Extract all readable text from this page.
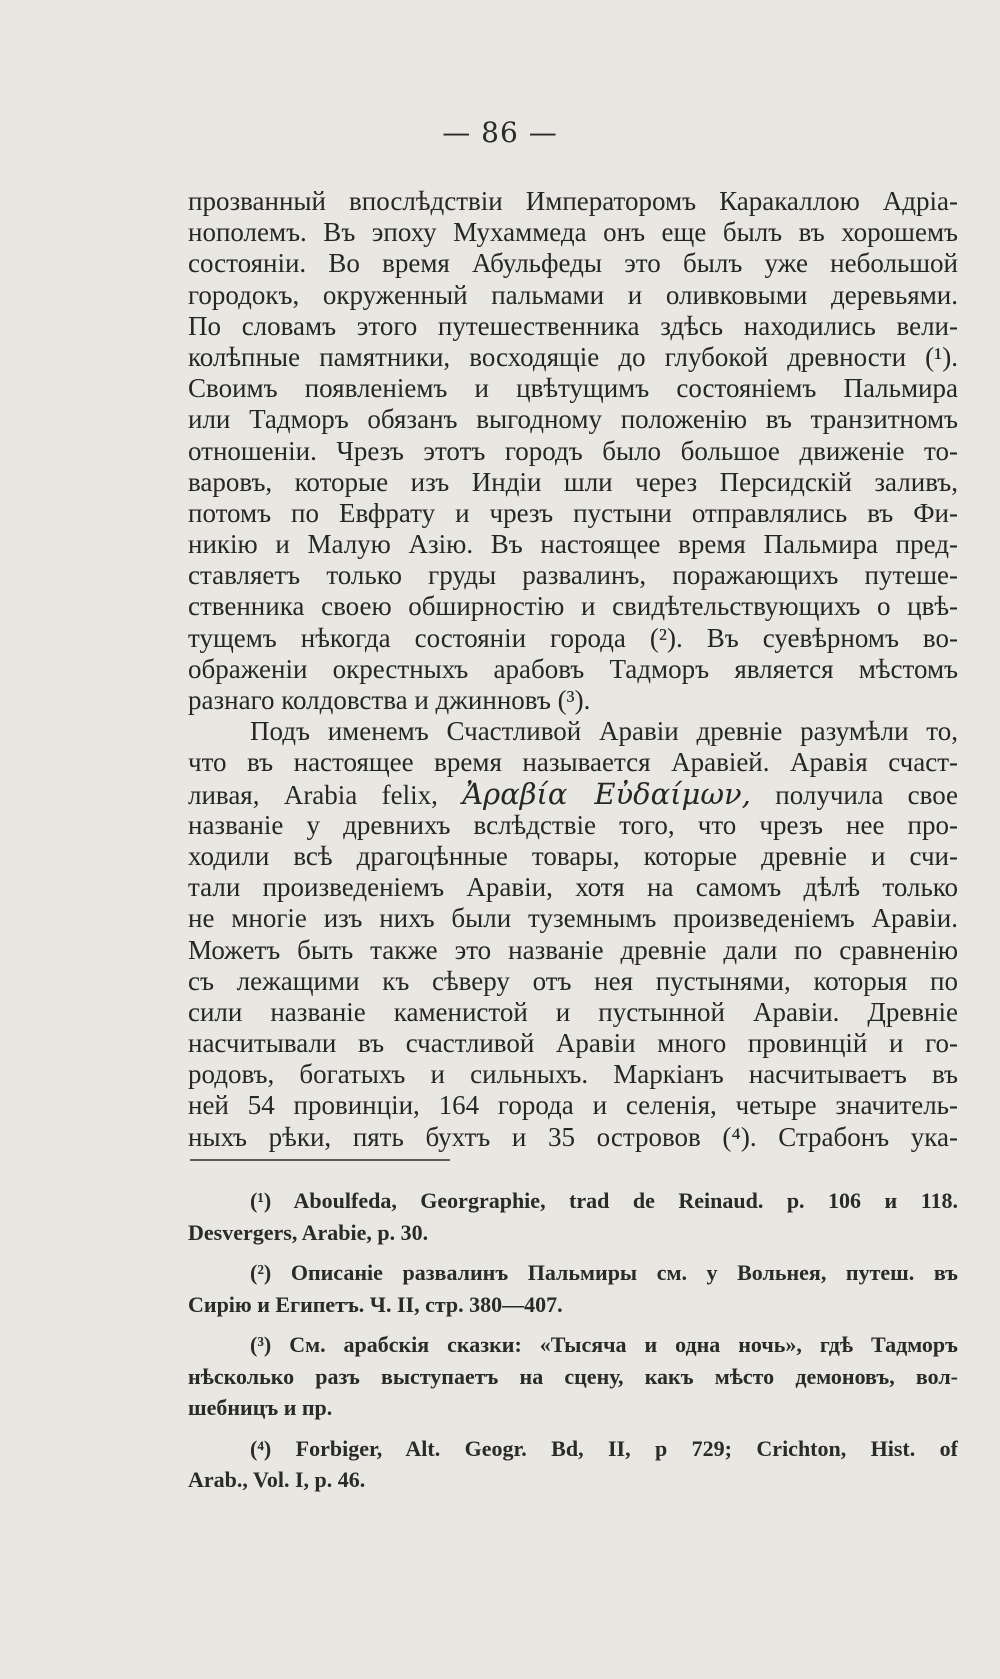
— 86 —
прозванный впослѣдствіи Императоромъ Каракаллою Адріа-
нополемъ. Въ эпоху Мухаммеда онъ еще былъ въ хорошемъ
состояніи. Во время Абульфеды это былъ уже небольшой
городокъ, окруженный пальмами и оливковыми деревьями.
По словамъ этого путешественника здѣсь находились вели-
колѣпные памятники, восходящіе до глубокой древности (¹).
Своимъ появленіемъ и цвѣтущимъ состояніемъ Пальмира
или Тадморъ обязанъ выгодному положенію въ транзитномъ
отношеніи. Чрезъ этотъ городъ было большое движеніе то-
варовъ, которые изъ Индіи шли через Персидскій заливъ,
потомъ по Евфрату и чрезъ пустыни отправлялись въ Фи-
никію и Малую Азію. Въ настоящее время Пальмира пред-
ставляетъ только груды развалинъ, поражающихъ путеше-
ственника своею обширностію и свидѣтельствующихъ о цвѣ-
тущемъ нѣкогда состояніи города (²). Въ суевѣрномъ во-
ображеніи окрестныхъ арабовъ Тадморъ является мѣстомъ
разнаго колдовства и джинновъ (³).
Подъ именемъ Счастливой Аравіи древніе разумѣли то,
что въ настоящее время называется Аравіей. Аравія счаст-
ливая, Arabia felix, Ἀραβία Εὐδαίμων, получила свое
названіе у древнихъ вслѣдствіе того, что чрезъ нее про-
ходили всѣ драгоцѣнные товары, которые древніе и счи-
тали произведеніемъ Аравіи, хотя на самомъ дѣлѣ только
не многіе изъ нихъ были туземнымъ произведеніемъ Аравіи.
Можетъ быть также это названіе древніе дали по сравненію
съ лежащими къ сѣверу отъ нея пустынями, которыя по
сили названіе каменистой и пустынной Аравіи. Древніе
насчитывали въ счастливой Аравіи много провинцій и го-
родовъ, богатыхъ и сильныхъ. Маркіанъ насчитываетъ въ
ней 54 провинціи, 164 города и селенія, четыре значитель-
ныхъ рѣки, пять бухтъ и 35 островов (⁴). Страбонъ ука-
(¹) Aboulfeda, Georgraphie, trad de Reinaud. p. 106 и 118.
Desvergers, Arabie, p. 30.
(²) Описаніе развалинъ Пальмиры см. у Вольнея, путеш. въ
Сирію и Египетъ. Ч. II, стр. 380—407.
(³) См. арабскія сказки: «Тысяча и одна ночь», гдѣ Тадморъ
нѣсколько разъ выступаетъ на сцену, какъ мѣсто демоновъ, вол-
шебницъ и пр.
(⁴) Forbiger, Alt. Geogr. Bd, II, p 729; Crichton, Hist. of
Arab., Vol. I, p. 46.
